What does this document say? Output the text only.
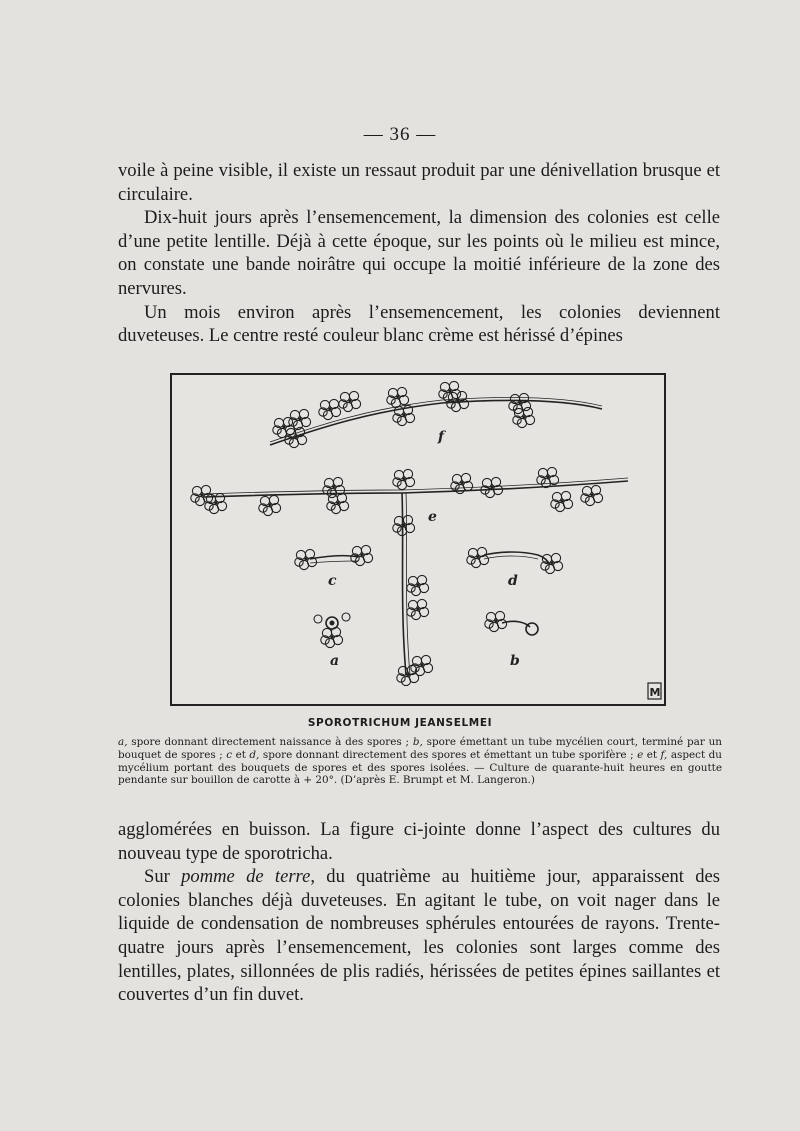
— 36 —

voile à peine visible, il existe un ressaut produit par une dénivellation brusque et circulaire.

Dix-huit jours après l’ensemencement, la dimension des colonies est celle d’une petite lentille. Déjà à cette époque, sur les points où le milieu est mince, on constate une bande noirâtre qui occupe la moitié inférieure de la zone des nervures.

Un mois environ après l’ensemencement, les colonies deviennent duveteuses. Le centre resté couleur blanc crème est hérissé d’épines

f
e
c	d
a	b
M
SPOROTRICHUM JEANSELMEI

a, spore donnant directement naissance à des spores ; b, spore émettant un tube mycélien court, terminé par un bouquet de spores ; c et d, spore donnant directement des spores et émettant un tube sporifère ; e et f, aspect du mycélium portant des bouquets de spores et des spores isolées. — Culture de quarante-huit heures en goutte pendante sur bouillon de carotte à + 20°. (D’après E. Brumpt et M. Langeron.)

agglomérées en buisson. La figure ci-jointe donne l’aspect des cultures du nouveau type de sporotricha.

Sur pomme de terre, du quatrième au huitième jour, apparaissent des colonies blanches déjà duveteuses. En agitant le tube, on voit nager dans le liquide de condensation de nombreuses sphérules entourées de rayons. Trente-quatre jours après l’ensemencement, les colonies sont larges comme des lentilles, plates, sillonnées de plis radiés, hérissées de petites épines saillantes et couvertes d’un fin duvet.
